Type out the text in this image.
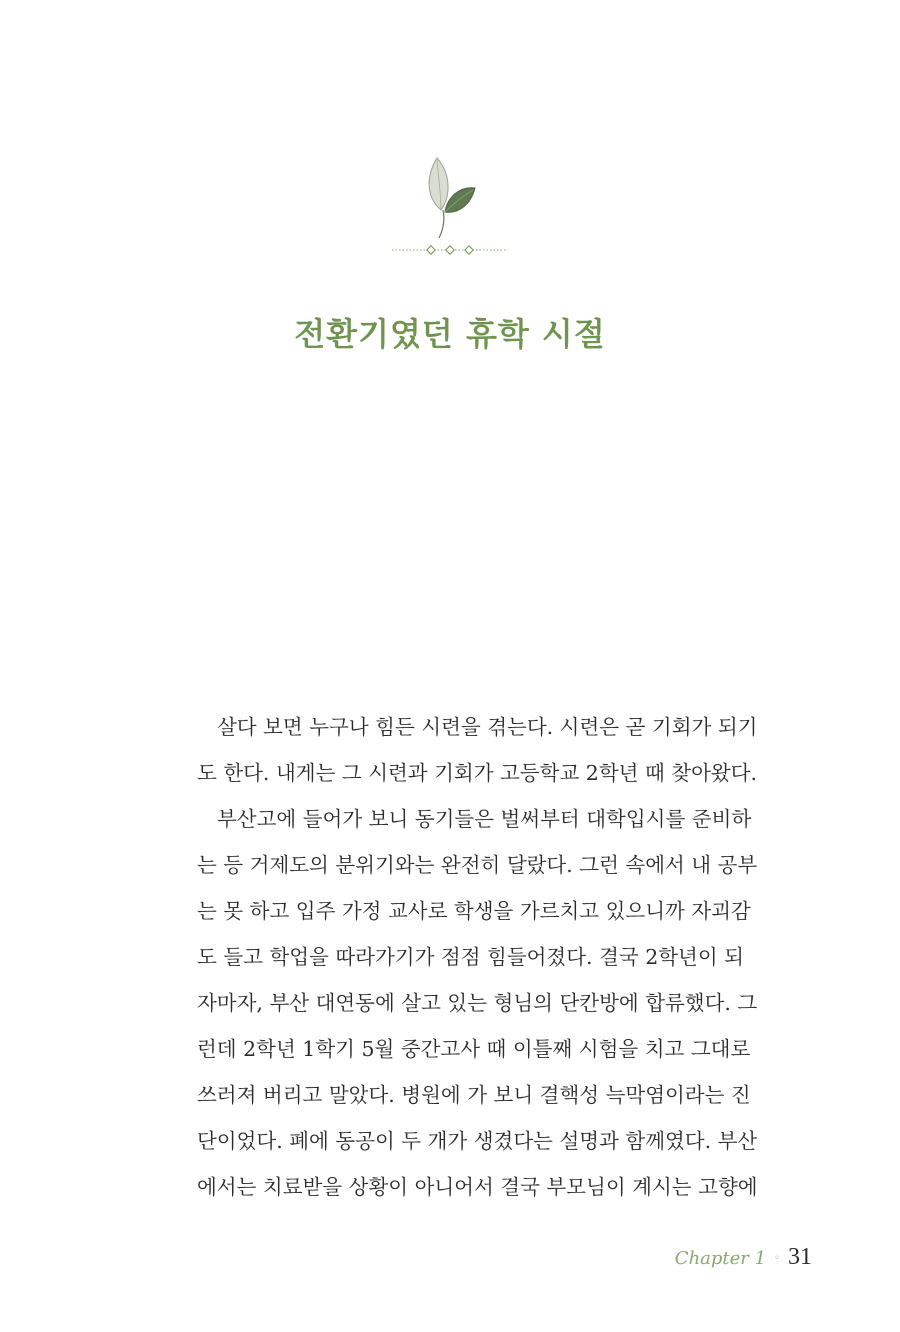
전환기였던 휴학 시절
살다 보면 누구나 힘든 시련을 겪는다. 시련은 곧 기회가 되기
도 한다. 내게는 그 시련과 기회가 고등학교 2학년 때 찾아왔다.
부산고에 들어가 보니 동기들은 벌써부터 대학입시를 준비하
는 등 거제도의 분위기와는 완전히 달랐다. 그런 속에서 내 공부
는 못 하고 입주 가정 교사로 학생을 가르치고 있으니까 자괴감
도 들고 학업을 따라가기가 점점 힘들어졌다. 결국 2학년이 되
자마자, 부산 대연동에 살고 있는 형님의 단칸방에 합류했다. 그
런데 2학년 1학기 5월 중간고사 때 이틀째 시험을 치고 그대로
쓰러져 버리고 말았다. 병원에 가 보니 결핵성 늑막염이라는 진
단이었다. 폐에 동공이 두 개가 생겼다는 설명과 함께였다. 부산
에서는 치료받을 상황이 아니어서 결국 부모님이 계시는 고향에
Chapter 1 ◦ 31
